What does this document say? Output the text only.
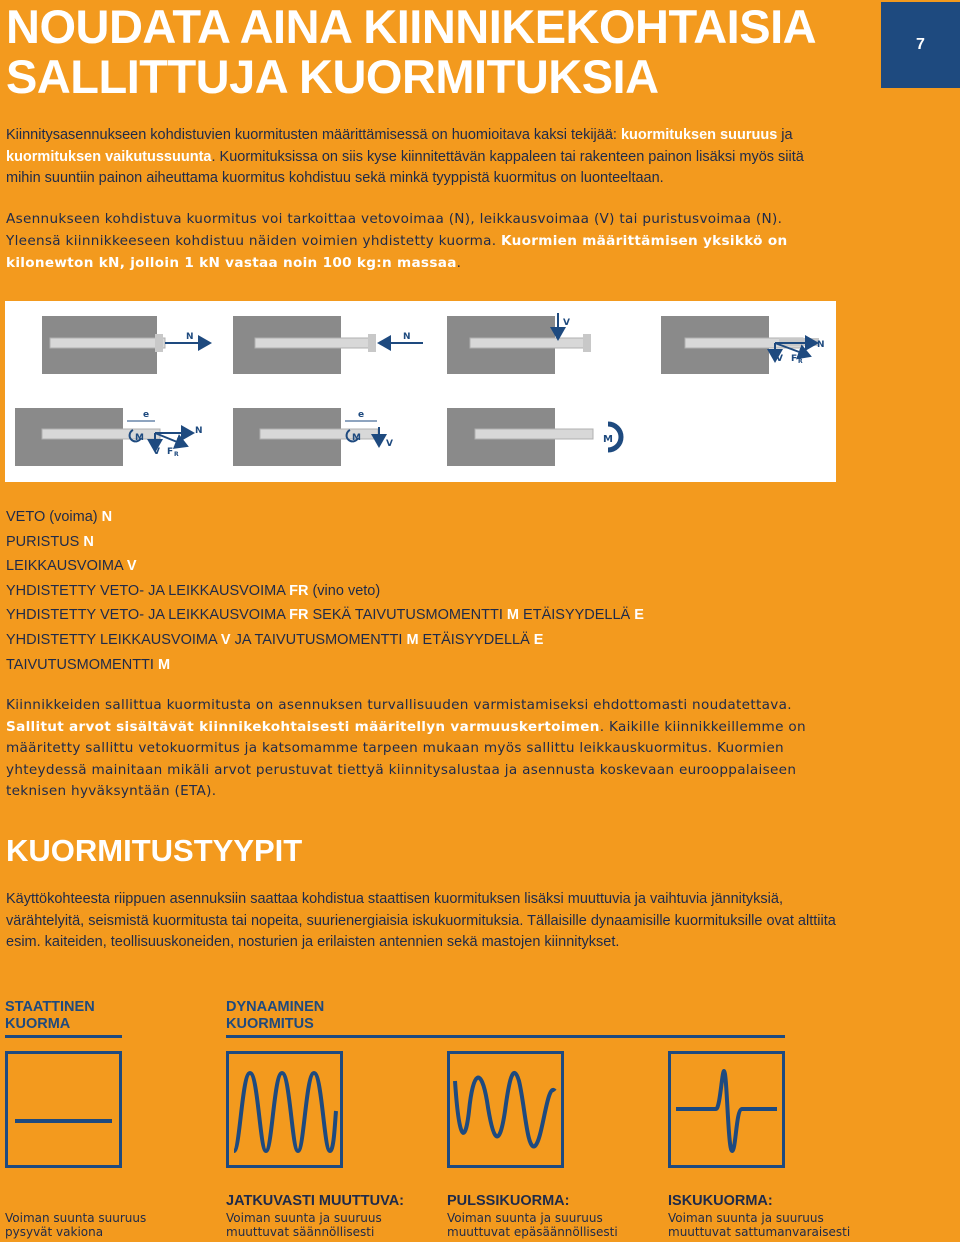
NOUDATA AINA KIINNIKEKOHTAISIA
SALLITTUJA KUORMITUKSIA
7

Kiinnitysasennukseen kohdistuvien kuormitusten määrittämisessä on huomioitava kaksi tekijää: kuormituksen suuruus ja kuormituksen vaikutussuunta. Kuormituksissa on siis kyse kiinnitettävän kappaleen tai rakenteen painon lisäksi myös siitä mihin suuntiin painon aiheuttama kuormitus kohdistuu sekä minkä tyyppistä kuormitus on luonteeltaan.

Asennukseen kohdistuva kuormitus voi tarkoittaa vetovoimaa (N), leikkausvoimaa (V) tai puristusvoimaa (N). Yleensä kiinnikkeeseen kohdistuu näiden voimien yhdistetty kuorma. Kuormien määrittämisen yksikkö on kilonewton kN, jolloin 1 kN vastaa noin 100 kg:n massaa.

N	N
V
N
V F R
e
M
N
V F R
e
M
V	M
VETO (voima) N
PURISTUS N
LEIKKAUSVOIMA V
YHDISTETTY VETO- JA LEIKKAUSVOIMA FR (vino veto)
YHDISTETTY VETO- JA LEIKKAUSVOIMA FR SEKÄ TAIVUTUSMOMENTTI M ETÄISYYDELLÄ E
YHDISTETTY LEIKKAUSVOIMA V JA TAIVUTUSMOMENTTI M ETÄISYYDELLÄ E
TAIVUTUSMOMENTTI M

Kiinnikkeiden sallittua kuormitusta on asennuksen turvallisuuden varmistamiseksi ehdottomasti noudatettava. Sallitut arvot sisältävät kiinnikekohtaisesti määritellyn varmuuskertoimen. Kaikille kiinnikkeillemme on määritetty sallittu vetokuormitus ja katsomamme tarpeen mukaan myös sallittu leikkauskuormitus. Kuormien yhteydessä mainitaan mikäli arvot perustuvat tiettyä kiinnitysalustaa ja asennusta koskevaan eurooppalaiseen teknisen hyväksyntään (ETA).

KUORMITUSTYYPIT

Käyttökohteesta riippuen asennuksiin saattaa kohdistua staattisen kuormituksen lisäksi muuttuvia ja vaihtuvia jännityksiä, värähtelyitä, seismistä kuormitusta tai nopeita, suurienergiaisia iskukuormituksia. Tällaisille dynaamisille kuormituksille ovat alttiita esim. kaiteiden, teollisuuskoneiden, nosturien ja erilaisten antennien sekä mastojen kiinnitykset.

STAATTINEN
KUORMA

DYNAAMINEN
KUORMITUS

JATKUVASTI MUUTTUVA:	PULSSIKUORMA:	ISKUKUORMA:
Voiman suunta suuruus
pysyvät vakiona
Voiman suunta ja suuruus
muuttuvat säännöllisesti
Voiman suunta ja suuruus
muuttuvat epäsäännöllisesti
Voiman suunta ja suuruus
muuttuvat sattumanvaraisesti
